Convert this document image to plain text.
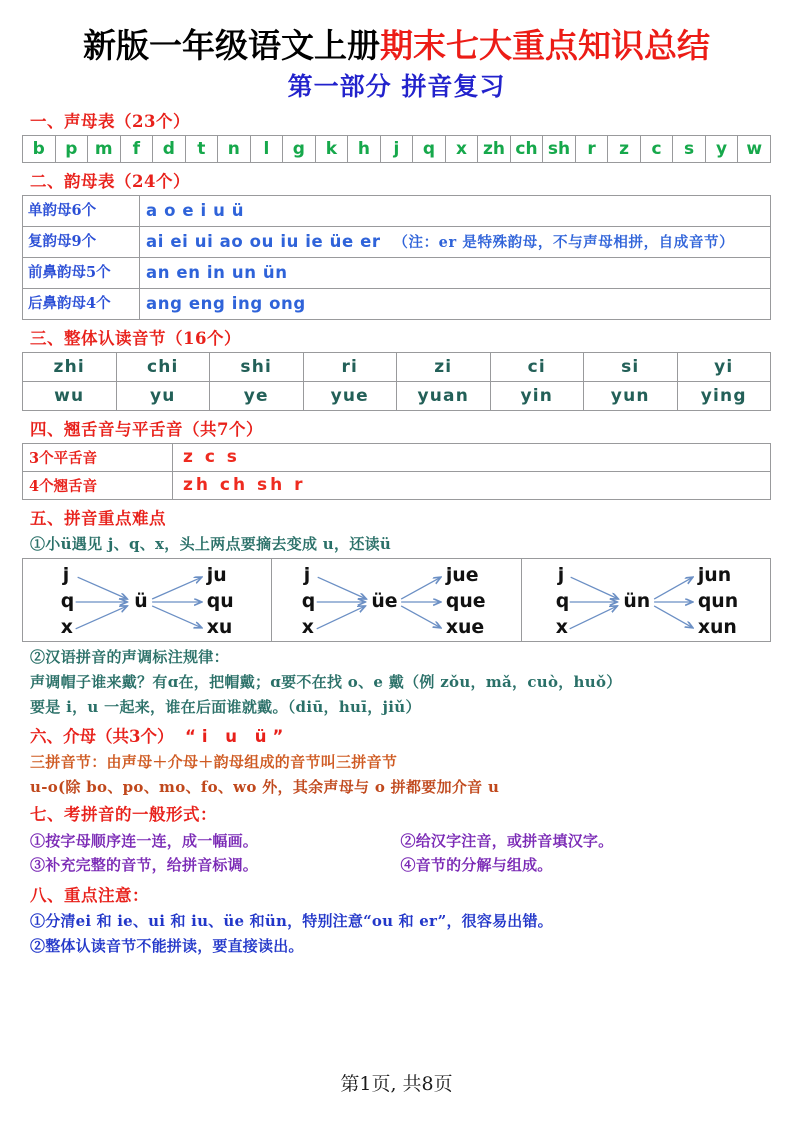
新版一年级语文上册期末七大重点知识总结
第一部分 拼音复习
一、声母表（23个）
b	p	m	f	d	t	n	l	g	k	h	j	q	x	zh	ch	sh	r	z	c	s	y	w
二、韵母表（24个）
单韵母6个	a o e i u ü
复韵母9个	ai ei ui ao ou iu ie üe er （注：er 是特殊韵母，不与声母相拼，自成音节）
前鼻韵母5个	an en in un ün
后鼻韵母4个	ang eng ing ong
三、整体认读音节（16个）
zhi	chi	shi	ri	zi	ci	si	yi
wu	yu	ye	yue	yuan	yin	yun	ying
四、翘舌音与平舌音（共7个）
3个平舌音	z c s
4个翘舌音	zh ch sh r
五、拼音重点难点
①小ü遇见 j、q、x，头上两点要摘去变成 u，还读ü
j
q
x
ü
ju
qu
xu

j
q
x
üe
jue
que
xue

j
q
x
ün
jun
qun
xun
②汉语拼音的声调标注规律：
声调帽子谁来戴？有ɑ在，把帽戴；ɑ要不在找 o、e 戴（例 zǒu，mǎ，cuò，huǒ）
要是 i，u 一起来，谁在后面谁就戴。（diū，huī，jiǔ）
六、介母（共3个） “i u ü”
三拼音节：由声母＋介母＋韵母组成的音节叫三拼音节
u-o(除 bo、po、mo、fo、wo 外，其余声母与 o 拼都要加介音 u
七、考拼音的一般形式：
①按字母顺序连一连，成一幅画。
③补充完整的音节，给拼音标调。
②给汉字注音，或拼音填汉字。
④音节的分解与组成。
八、重点注意：
①分清ei 和 ie、ui 和 iu、üe 和ün，特别注意“ou 和 er”，很容易出错。
②整体认读音节不能拼读，要直接读出。
第1页, 共8页
